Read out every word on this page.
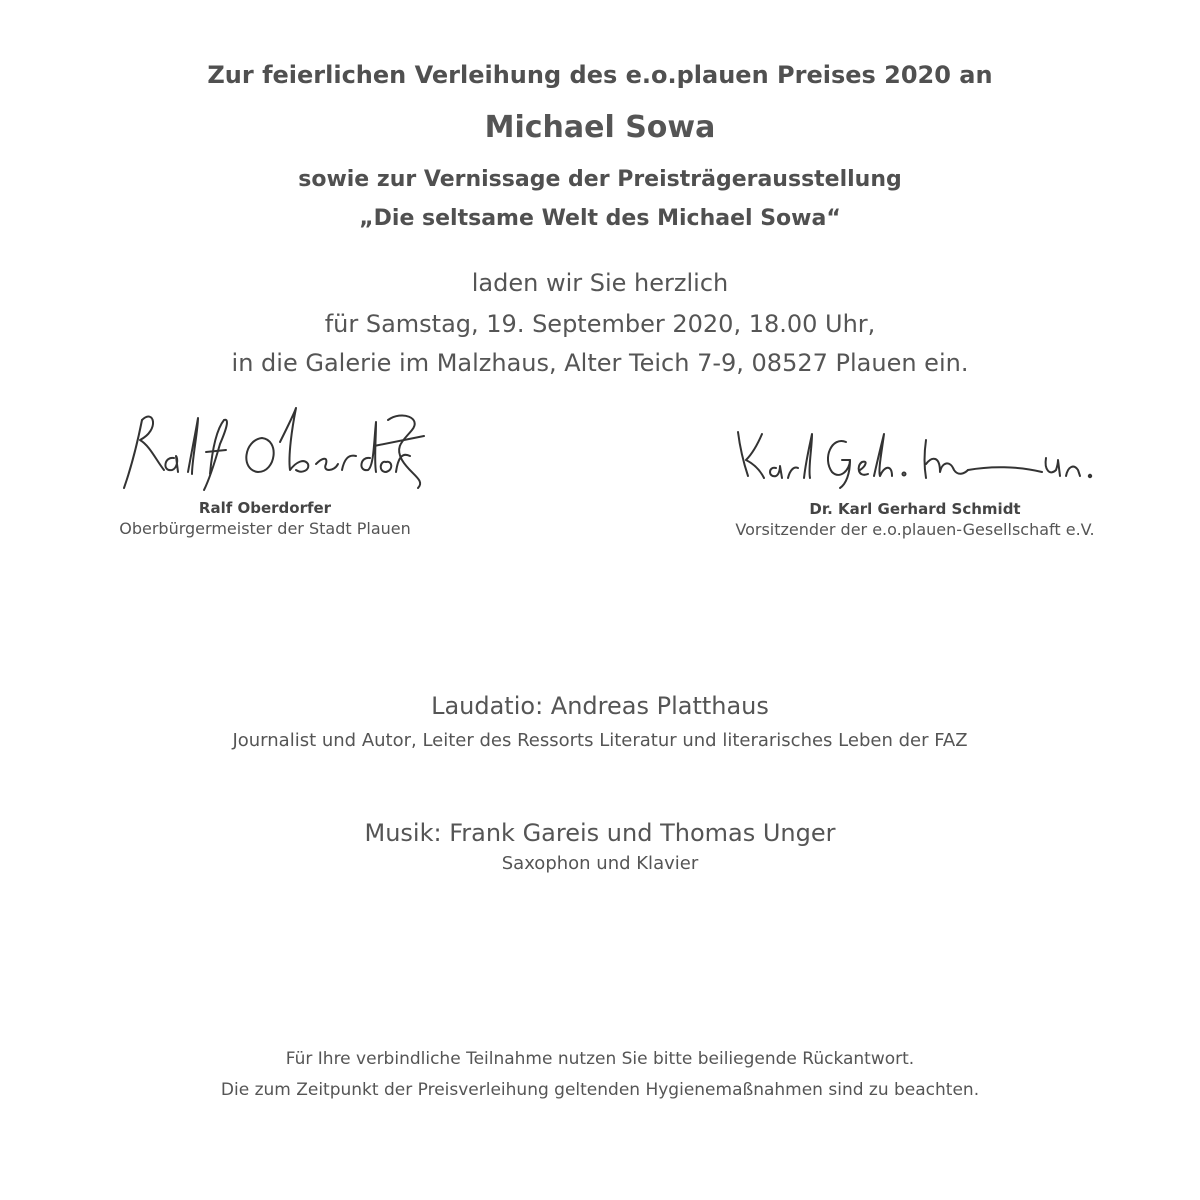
Zur feierlichen Verleihung des e.o.plauen Preises 2020 an
Michael Sowa
sowie zur Vernissage der Preisträgerausstellung
„Die seltsame Welt des Michael Sowa“
laden wir Sie herzlich
für Samstag, 19. September 2020, 18.00 Uhr,
in die Galerie im Malzhaus, Alter Teich 7-9, 08527 Plauen ein.
Ralf Oberdorfer
Oberbürgermeister der Stadt Plauen
Dr. Karl Gerhard Schmidt
Vorsitzender der e.o.plauen-Gesellschaft e.V.
Laudatio: Andreas Platthaus
Journalist und Autor, Leiter des Ressorts Literatur und literarisches Leben der FAZ
Musik: Frank Gareis und Thomas Unger
Saxophon und Klavier
Für Ihre verbindliche Teilnahme nutzen Sie bitte beiliegende Rückantwort.
Die zum Zeitpunkt der Preisverleihung geltenden Hygienemaßnahmen sind zu beachten.
